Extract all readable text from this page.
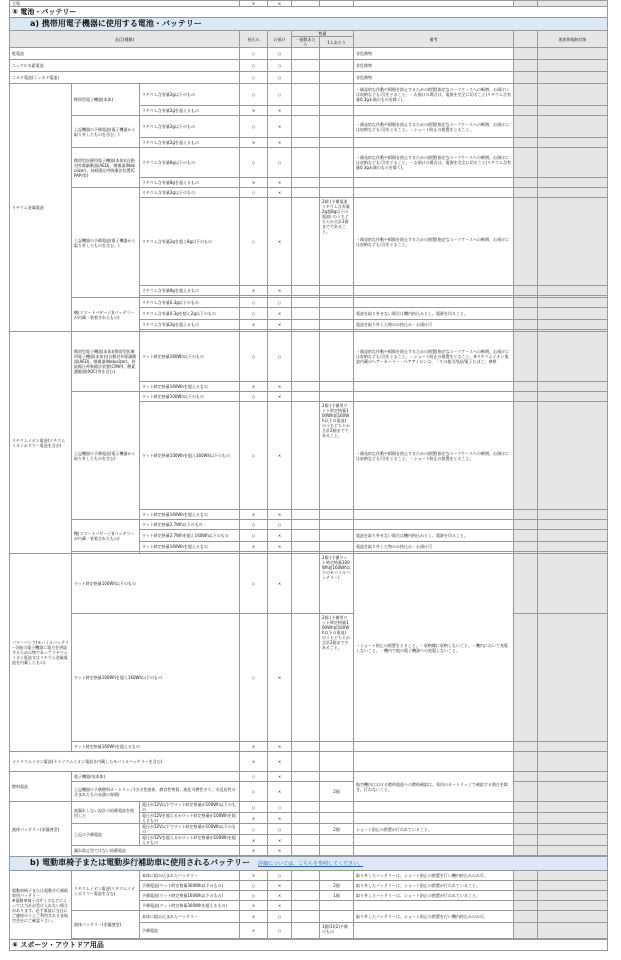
主電			×	×					
⑤ 電池・バッテリー									
a) 携帯用電子機器に使用する電池・バッテリー									
品目(種類)			持込み	お預け	数量		備考		液体物規制対象
					一個数あたり	1人あたり			
乾電池			○	○			非危険物		
ニッケル水素電池			○	○			非危険物		
ニカド電池(ニッカド電池)			○	○			非危険物		
リチウム金属電池	携帯型電子機器(本体)	リチウム含有量2g以下のもの	○	○			・偶発的な作動や損傷を防止するための措置(指定なスーツケースへの斬増、お預けには収納なども可)をとること。・お預けの場合は、電源を完全に切ること(リチウム含有量0.3g未満のものを除く)。		
		リチウム含有量2gを超えるもの	×	×					
	上記機器の予備電池(電子機器から取り外したものを含む。)	リチウム含有量2g以下のもの	○	×			・偶発的な作動や損傷を防止するための措置(指定なスーツケースへの斬増、お預けには収納なども可)をとること。・ショート防止の措置をとること。		
		リチウム含有量2gを超えるもの	×	×					
	携帯型医療用電子機器(本体)(自動対外除細動器(AED)、噴霧器(Nebulizer)、持続陽圧呼吸療法装置(CPAP)等)	リチウム含有量8g以下のもの	○	○			・偶発的な作動や損傷を防止するための措置(指定なスーツケースへの斬増、お預けには収納なども可)をとること。・お預けの場合は、電源を完全に切ること(リチウム含有量0.3g未満のものを除く)。		
		リチウム含有量8gを超えるもの	×	×					
	上記機器の予備電池(電子機器から取り外したものを含む。)	リチウム含有量2g以下のもの	○	×					
		リチウム含有量2gを超え8g以下のもの	○	×		2個 (予備電池リチウム含有量2g超8g以下の電池) のうちどちらか合計2個までであること。	・偶発的な作動や損傷を防止するための措置(指定なスーツケースへの斬増、お預けには収納なども可)をとること。		
		リチウム含有量8gを超えるもの	×	×					

	鞄(スマートバゲージ)(バッテリーが内蔵・装着されたもの)	リチウム含有量0.3g以下のもの	○	○					
		リチウム含有量0.3gを超え2g以下のもの	○	×			電池を取り外せない場合は機内持込みとし、電源を切ること。		
		リチウム含有量2gを超えるもの	×	×			電池を取り外した物のみ持込み・お預け可		

リチウムイオン電池(リチウムイオンポリマー電池を含む)	携帯型電子機器(本体)(携帯型医療用電子機器(本体))(自動対外除細動器(AED)、噴霧器(Nebulizer)、持続陽圧呼吸療法装置(CPAP)、酸素濃縮器(POC)等を含む)	ワット時定格量160Wh以下のもの	○	○			・偶発的な作動や損傷を防止するための措置(指定なスーツケースへの斬増、お預けには収納なども可)をとること。・ショート防止の措置をとること。※リチウムイオン電池内蔵のヘアーカーラー・ヘアアイロンは、「その他引用品/電子たばこ」参照		
		ワット時定格量160Whを超えるもの	×	×					
	上記機器の予備電池(電子機器から取り外したものを含む)	ワット時定格量100Wh以下のもの	○	×					
		ワット時定格量100Whを超え160Wh以下のもの	○	×		2個 (予備用ワット時定格量100Wh超160Wh以下の電池) のうちどちらか合計2個までであること。	・偶発的な作動や損傷を防止するための措置(指定なスーツケースへの斬増、お預けには収納なども可)をとること。・ショート防止の措置をとること。		
		ワット時定格量160Whを超えるもの	×	×					
	鞄(スマートバゲージ)(バッテリーが内蔵・装着されたもの)	ワット時定格量2.7Wh以下のもの	○	○					
		ワット時定格量2.7Whを超え160Wh以下のもの	○	×			電池を取り外せない場合は機内持込みとし、電源を切ること。		
		ワット時定格量160Whを超えるもの	×	×			電池を取り外した物のみ持込み・お預け可		

パワーバンク(モバイルバッテリー)(他の電子機器に電力を供給するための物であってリチウムイオン電池又はリチウム金属電池を内蔵したもの)	ワット時定格量100Wh以下のもの		○	×		2個 (予備ワット時定格量100Wh超160Wh以下のモバイルバッテリー)	・ショート防止の措置をとること。・収納棚に収納しないこと。・機内において充電しないこと。・機内で他の電子機器への充電しないこと。		
	ワット時定格量100Whを超え160Wh以下のもの		○	×		2個 (予備用ワット時定格量100Wh超160Wh以下の電池) のうちどちらか合計2個までであること。			
	ワット時定格量160Whを超えるもの		×	×					
ナトリウムイオン電池(ナトリウムイオン電池を内蔵したモバイルバッテリーを含む)			×	×					
燃料電池	電子機器内(本体)		○	×			航空機内における燃料電池への燃料補給は、専用のカートリッジで補給する場合を除き、行わないこと。		
	上記機器の予備燃料カートリッジ(引火性液体、腐食性物質、液化可燃性ガス、水反応性の含まれたもの未満の容積)		○	×		2個			
液体バッテリー(非漏洩型)	液漏れしない設計の鉛蓄電池を使用した	電圧が12V以下でワット時定格量が100Wh以下のもの	○	○					
		電圧が12Vを超えるかワット時定格量が100Whを超えるもの	×	×					
	上記の予備電池	電圧が12V以下でワット時定格量が100Wh以下のもの	○	○		2個	ショート防止の措置が行われていること。		
		電圧が12Vを超えるかワット時定格量が100Whを超えるもの	×	×					
	漏れ防止型ではない鉛蓄電池		×	×					

b) 電動車椅子または電動歩行補助車に使用されるバッテリー 詳細については、こちらを参照してください。									
電動車椅子または電動歩行補助車用バッテリー
※電動車椅子のサイズなどによっては当社が受け入れない場合があります。必ず事前に当社にご連絡のうえご利用される各航空会社にご確認下さい。	リチウムイオン電池(リチウムイオンポリマー電池を含む)	本体に組み込まれたバッテリー	×	○			取り外したバッテリーは、ショート防止の措置を行い機内持込みのみ可。		
		予備電池(ワット時定格量300Wh以下のもの)	○	×		2個	取り外したバッテリーは、ショート防止の措置が行われていること。		
		予備電池(ワット時定格量160Wh以下のもの)	○	×		1個	取り外したバッテリーは、ショート防止の措置が行われていること。		
		予備電池(ワット時定格量300Whを超えるもの)	×	×					
	液体バッテリー(非漏洩型)	本体に組み込まれたバッテリー	×	○			取り外したバッテリーは、ショート防止の措置を行い機内持込みのみ可。		
		予備電池	×	○		1個(1)(2)予備のもの			

⑥ スポーツ・アウトドア用品									
